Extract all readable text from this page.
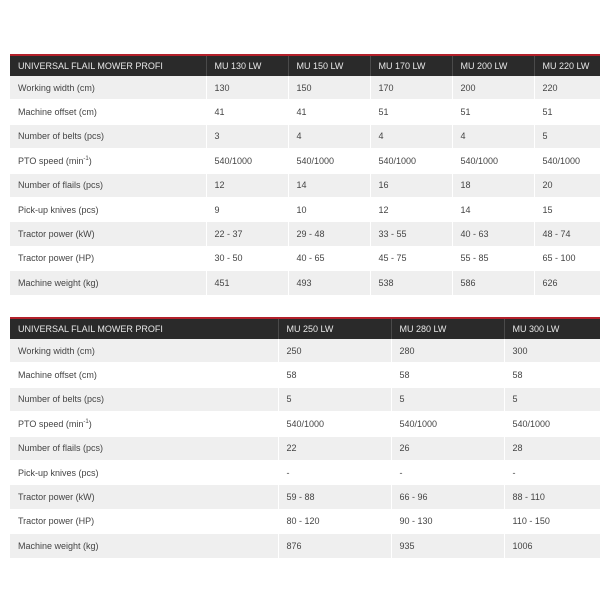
UNIVERSAL FLAIL MOWER PROFI	MU 130 LW	MU 150 LW	MU 170 LW	MU 200 LW	MU 220 LW
Working width (cm)	130	150	170	200	220
Machine offset (cm)	41	41	51	51	51
Number of belts (pcs)	3	4	4	4	5
PTO speed $(\min^{-1})$	540/1000	540/1000	540/1000	540/1000	540/1000
Number of flails (pcs)	12	14	16	18	20
Pick-up knives (pcs)	9	10	12	14	15
Tractor power (kW)	22 - 37	29 - 48	33 - 55	40 - 63	48 - 74
Tractor power (HP)	30 - 50	40 - 65	45 - 75	55 - 85	65 - 100
Machine weight (kg)	451	493	538	586	626
UNIVERSAL FLAIL MOWER PROFI	MU 250 LW	MU 280 LW	MU 300 LW
Working width (cm)	250	280	300
Machine offset (cm)	58	58	58
Number of belts (pcs)	5	5	5
PTO speed $(\min^{-1})$	540/1000	540/1000	540/1000
Number of flails (pcs)	22	26	28
Pick-up knives (pcs)	-	-	-
Tractor power (kW)	59 - 88	66 - 96	88 - 110
Tractor power (HP)	80 - 120	90 - 130	110 - 150
Machine weight (kg)	876	935	1006
